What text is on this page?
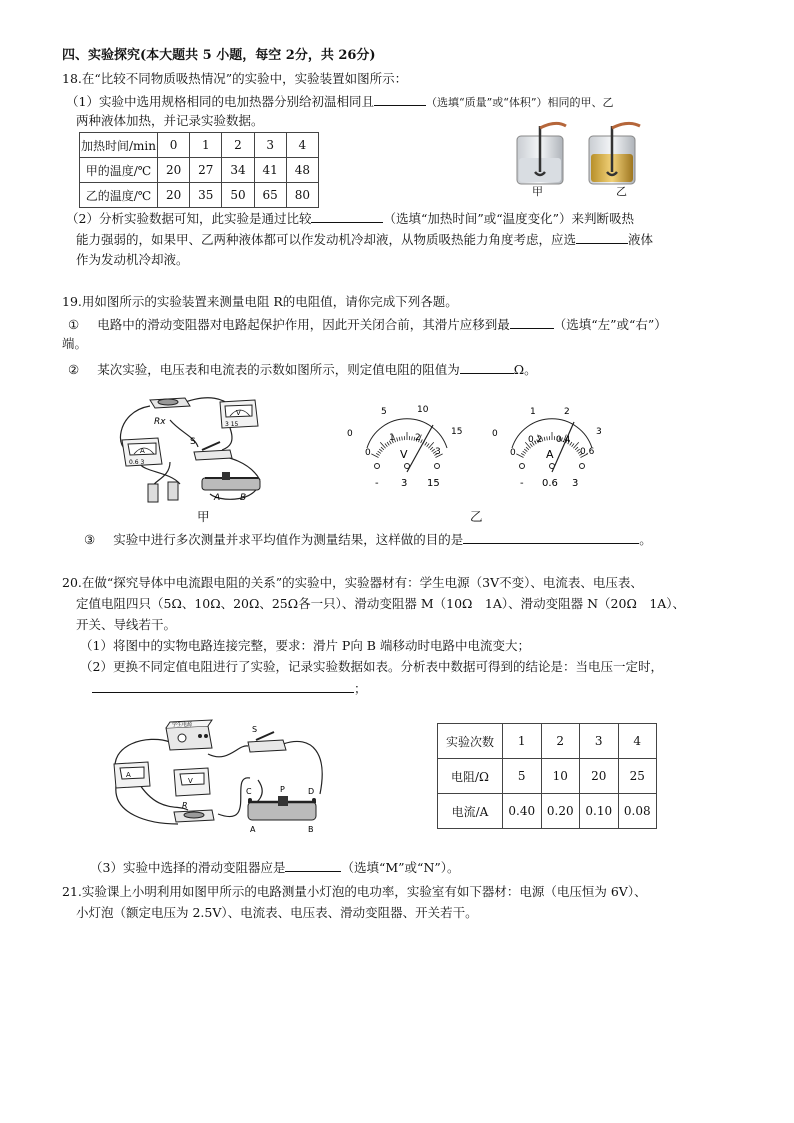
四、实验探究(本大题共 5 小题，每空 2分，共 26分)
18.在“比较不同物质吸热情况”的实验中，实验装置如图所示：
（1）实验中选用规格相同的电加热器分别给初温相同且	（选填“质量”或“体积”）相同的甲、乙
两种液体加热，并记录实验数据。
加热时间/min	0	1	2	3	4
甲的温度/℃	20	27	34	41	48
乙的温度/℃	20	35	50	65	80	甲	乙
（2）分析实验数据可知，此实验是通过比较	（选填“加热时间”或“温度变化”）来判断吸热
能力强弱的，如果甲、乙两种液体都可以作发动机冷却液，从物质吸热能力角度考虑，应选	液体
作为发动机冷却液。
19.用如图所示的实验装置来测量电阻 R的电阻值，请你完成下列各题。
① 电路中的滑动变阻器对电路起保护作用，因此开关闭合前，其滑片应移到最	（选填“左”或“右”）
端。
② 某次实验，电压表和电流表的示数如图所示，则定值电阻的阻值为	Ω。
Rx
V
3 15
A
0.6 3
S
A B
甲
0
5	10
15
0
1 2
3
V
- 3 15
0
1	2
3
0
0.2 0.4
0.6
A
- 0.6 3
乙
③ 实验中进行多次测量并求平均值作为测量结果，这样做的目的是	。
20.在做“探究导体中电流跟电阻的关系”的实验中，实验器材有：学生电源（3V不变）、电流表、电压表、
定值电阻四只（5Ω、10Ω、20Ω、25Ω各一只）、滑动变阻器 M（10Ω　1A）、滑动变阻器 N（20Ω　1A）、
开关、导线若干。
（1）将图中的实物电路连接完整，要求：滑片 P向 B 端移动时电路中电流变大；
（2）更换不同定值电阻进行了实验，记录实验数据如表。分析表中数据可得到的结论是：当电压一定时，
；
学生电源	S
A
V
R
C	P	D
A	B
实验次数	1	2	3	4
电阻/Ω	5	10	20	25
电流/A	0.40	0.20	0.10	0.08
（3）实验中选择的滑动变阻器应是	（选填“M”或“N”）。
21.实验课上小明利用如图甲所示的电路测量小灯泡的电功率，实验室有如下器材：电源（电压恒为 6V）、
小灯泡（额定电压为 2.5V）、电流表、电压表、滑动变阻器、开关若干。
